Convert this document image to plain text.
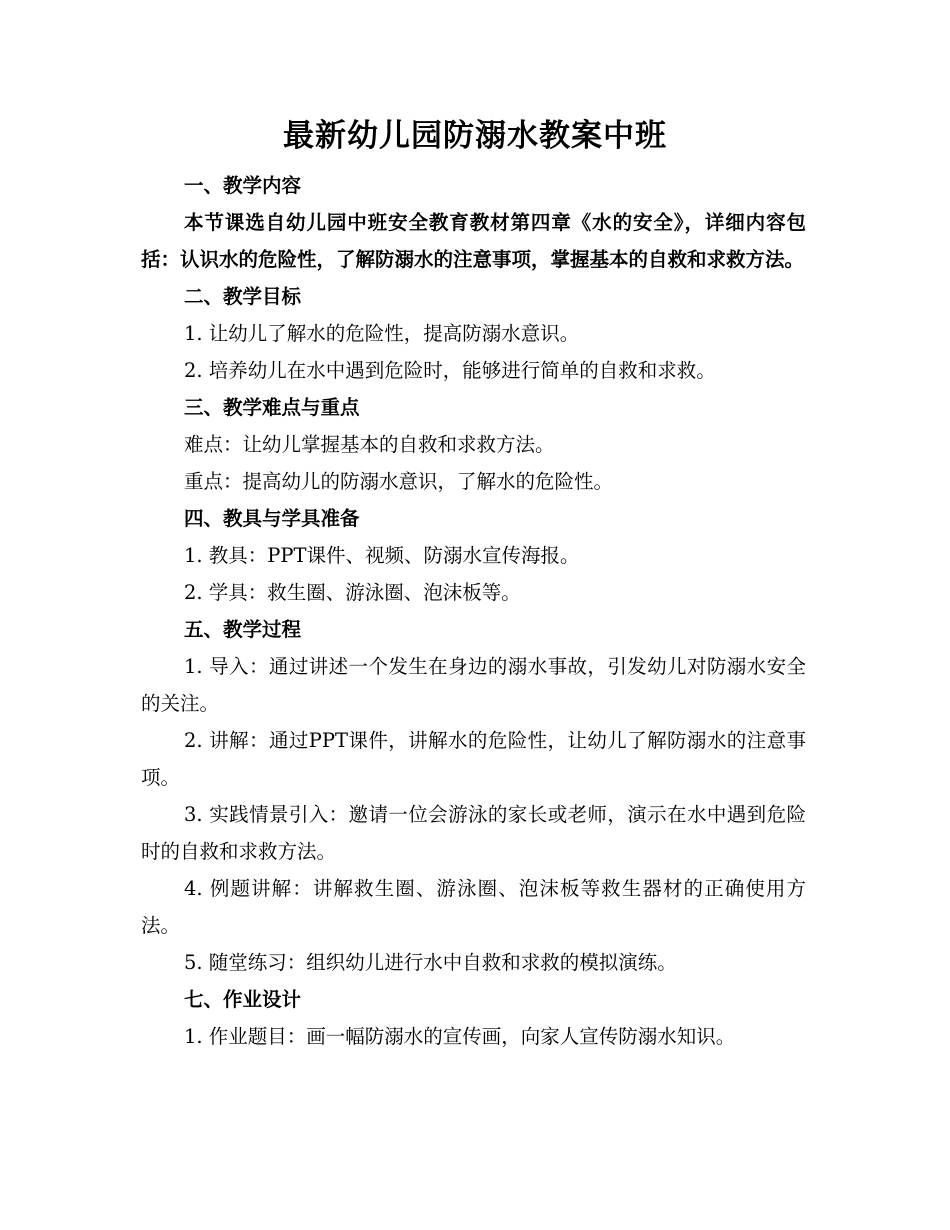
最新幼儿园防溺水教案中班
一、教学内容
本节课选自幼儿园中班安全教育教材第四章《水的安全》，详细内容包括：认识水的危险性，了解防溺水的注意事项，掌握基本的自救和求救方法。
二、教学目标
1. 让幼儿了解水的危险性，提高防溺水意识。
2. 培养幼儿在水中遇到危险时，能够进行简单的自救和求救。
三、教学难点与重点
难点：让幼儿掌握基本的自救和求救方法。
重点：提高幼儿的防溺水意识，了解水的危险性。
四、教具与学具准备
1. 教具：PPT课件、视频、防溺水宣传海报。
2. 学具：救生圈、游泳圈、泡沫板等。
五、教学过程
1. 导入：通过讲述一个发生在身边的溺水事故，引发幼儿对防溺水安全的关注。
2. 讲解：通过PPT课件，讲解水的危险性，让幼儿了解防溺水的注意事项。
3. 实践情景引入：邀请一位会游泳的家长或老师，演示在水中遇到危险时的自救和求救方法。
4. 例题讲解：讲解救生圈、游泳圈、泡沫板等救生器材的正确使用方法。
5. 随堂练习：组织幼儿进行水中自救和求救的模拟演练。
七、作业设计
1. 作业题目：画一幅防溺水的宣传画，向家人宣传防溺水知识。
